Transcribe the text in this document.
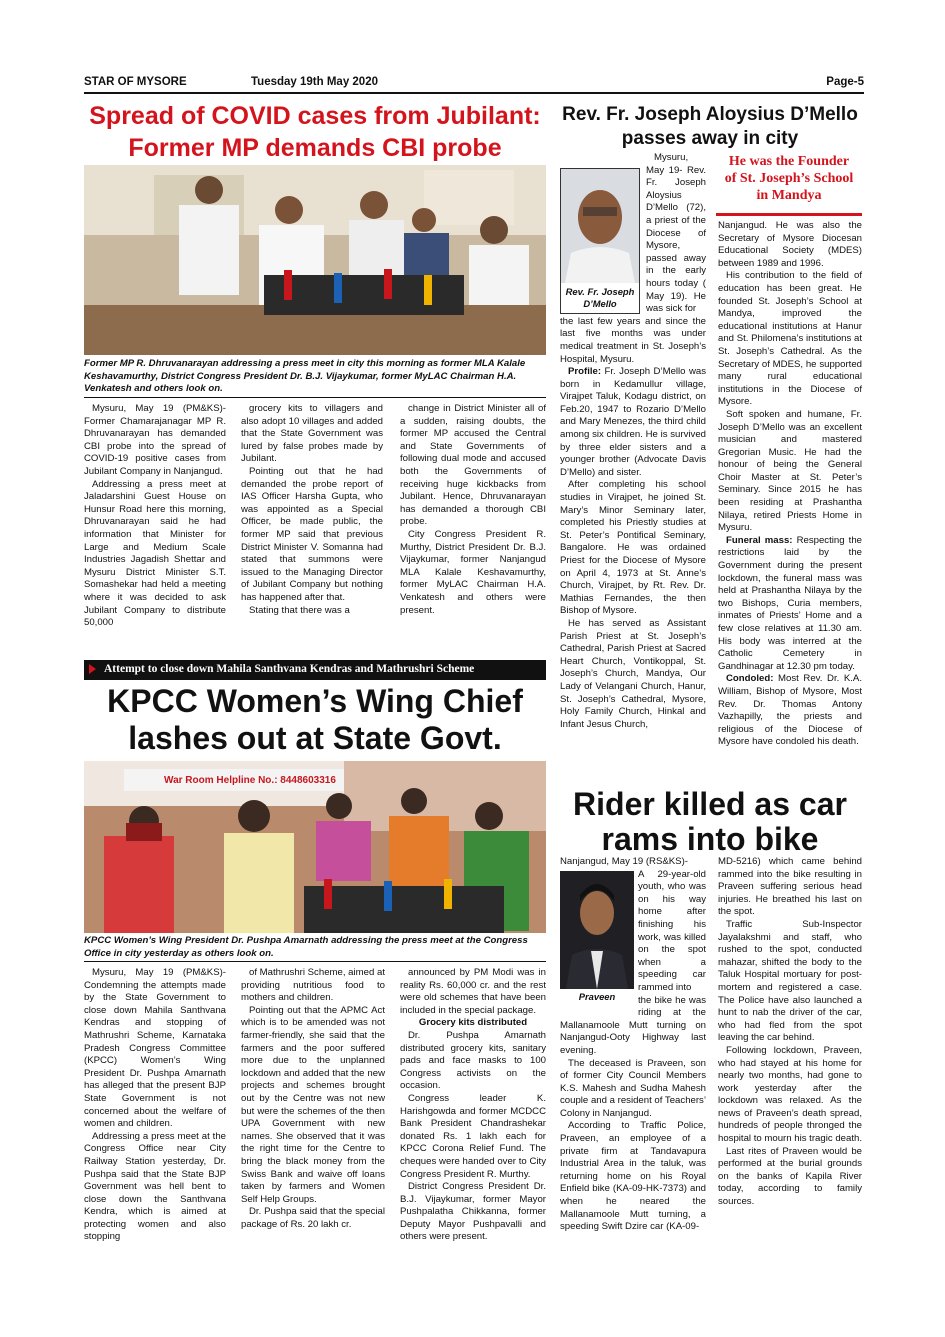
STAR OF MYSORE	Tuesday 19th May 2020	Page-5
Spread of COVID cases from Jubilant:
Former MP demands CBI probe
Former MP R. Dhruvanarayan addressing a press meet in city this morning as former MLA Kalale Keshavamurthy, District Congress President Dr. B.J. Vijaykumar, former MyLAC Chairman H.A. Venkatesh and others look on.

Mysuru, May 19 (PM&KS)- Former Chamarajanagar MP R. Dhruvanarayan has demanded CBI probe into the spread of COVID-19 positive cases from Jubilant Company in Nanjangud.

Addressing a press meet at Jaladarshini Guest House on Hunsur Road here this morning, Dhruvanarayan said he had information that Minister for Large and Medium Scale Industries Jagadish Shettar and Mysuru District Minister S.T. Somashekar had held a meeting where it was decided to ask Jubilant Company to distribute 50,000

grocery kits to villagers and also adopt 10 villages and added that the State Government was lured by false probes made by Jubilant.

Pointing out that he had demanded the probe report of IAS Officer Harsha Gupta, who was appointed as a Special Officer, be made public, the former MP said that previous District Minister V. Somanna had stated that summons were issued to the Managing Director of Jubilant Company but nothing has happened after that.

Stating that there was a

change in District Minister all of a sudden, raising doubts, the former MP accused the Central and State Governments of following dual mode and accused both the Governments of receiving huge kickbacks from Jubilant. Hence, Dhruvanarayan has demanded a thorough CBI probe.

City Congress President R. Murthy, District President Dr. B.J. Vijaykumar, former Nanjangud MLA Kalale Keshavamurthy, former MyLAC Chairman H.A. Venkatesh and others were present.

Attempt to close down Mahila Santhvana Kendras and Mathrushri Scheme
KPCC Women’s Wing Chief
lashes out at State Govt.
War Room Helpline No.: 8448603316
KPCC Women’s Wing President Dr. Pushpa Amarnath addressing the press meet at the Congress Office in city yesterday as others look on.

Mysuru, May 19 (PM&KS)- Condemning the attempts made by the State Government to close down Mahila Santhvana Kendras and stopping of Mathrushri Scheme, Karnataka Pradesh Congress Committee (KPCC) Women’s Wing President Dr. Pushpa Amarnath has alleged that the present BJP State Government is not concerned about the welfare of women and children.

Addressing a press meet at the Congress Office near City Railway Station yesterday, Dr. Pushpa said that the State BJP Government was hell bent to close down the Santhvana Kendra, which is aimed at protecting women and also stopping

of Mathrushri Scheme, aimed at providing nutritious food to mothers and children.

Pointing out that the APMC Act which is to be amended was not farmer-friendly, she said that the farmers and the poor suffered more due to the unplanned lockdown and added that the new projects and schemes brought out by the Centre was not new but were the schemes of the then UPA Government with new names. She observed that it was the right time for the Centre to bring the black money from the Swiss Bank and waive off loans taken by farmers and Women Self Help Groups.

Dr. Pushpa said that the special package of Rs. 20 lakh cr.

announced by PM Modi was in reality Rs. 60,000 cr. and the rest were old schemes that have been included in the special package.

Grocery kits distributed

Dr. Pushpa Amarnath distributed grocery kits, sanitary pads and face masks to 100 Congress activists on the occasion.

Congress leader K. Harishgowda and former MCDCC Bank President Chandrashekar donated Rs. 1 lakh each for KPCC Corona Relief Fund. The cheques were handed over to City Congress President R. Murthy.

District Congress President Dr. B.J. Vijaykumar, former Mayor Pushpalatha Chikkanna, former Deputy Mayor Pushpavalli and others were present.

Rev. Fr. Joseph Aloysius D’Mello
passes away in city
Rev. Fr. Joseph D’Mello

Mysuru, May 19- Rev. Fr. Joseph Aloysius D’Mello (72), a priest of the Diocese of Mysore, passed away in the early hours today ( May 19). He was sick for

the last few years and since the last five months was under medical treatment in St. Joseph’s Hospital, Mysuru.

Profile: Fr. Joseph D’Mello was born in Kedamullur village, Virajpet Taluk, Kodagu district, on Feb.20, 1947 to Rozario D’Mello and Mary Menezes, the third child among six children. He is survived by three elder sisters and a younger brother (Advocate Davis D’Mello) and sister.

After completing his school studies in Virajpet, he joined St. Mary’s Minor Seminary later, completed his Priestly studies at St. Peter’s Pontifical Seminary, Bangalore. He was ordained Priest for the Diocese of Mysore on April 4, 1973 at St. Anne’s Church, Virajpet, by Rt. Rev. Dr. Mathias Fernandes, the then Bishop of Mysore.

He has served as Assistant Parish Priest at St. Joseph’s Cathedral, Parish Priest at Sacred Heart Church, Vontikoppal, St. Joseph’s Church, Mandya, Our Lady of Velangani Church, Hanur, St. Joseph’s Cathedral, Mysore, Holy Family Church, Hinkal and Infant Jesus Church,

He was the Founder
of St. Joseph’s School
in Mandya

Nanjangud. He was also the Secretary of Mysore Diocesan Educational Society (MDES) between 1989 and 1996.

His contribution to the field of education has been great. He founded St. Joseph’s School at Mandya, improved the educational institutions at Hanur and St. Philomena’s institutions at St. Joseph’s Cathedral. As the Secretary of MDES, he supported many rural educational institutions in the Diocese of Mysore.

Soft spoken and humane, Fr. Joseph D’Mello was an excellent musician and mastered Gregorian Music. He had the honour of being the General Choir Master at St. Peter’s Seminary. Since 2015 he has been residing at Prashantha Nilaya, retired Priests Home in Mysuru.

Funeral mass: Respecting the restrictions laid by the Government during the present lockdown, the funeral mass was held at Prashantha Nilaya by the two Bishops, Curia members, inmates of Priests’ Home and a few close relatives at 11.30 am. His body was interred at the Catholic Cemetery in Gandhinagar at 12.30 pm today.

Condoled: Most Rev. Dr. K.A. William, Bishop of Mysore, Most Rev. Dr. Thomas Antony Vazhapilly, the priests and religious of the Diocese of Mysore have condoled his death.

Rider killed as car
rams into bike
Praveen

Nanjangud, May 19 (RS&KS)-

A 29-year-old youth, who was on his way home after finishing his work, was killed on the spot when a speeding car rammed into

the bike he was riding at the Mallanamoole Mutt turning on Nanjangud-Ooty Highway last evening.

The deceased is Praveen, son of former City Council Members K.S. Mahesh and Sudha Mahesh couple and a resident of Teachers’ Colony in Nanjangud.

According to Traffic Police, Praveen, an employee of a private firm at Tandavapura Industrial Area in the taluk, was returning home on his Royal Enfield bike (KA-09-HK-7373) and when he neared the Mallanamoole Mutt turning, a speeding Swift Dzire car (KA-09-

MD-5216) which came behind rammed into the bike resulting in Praveen suffering serious head injuries. He breathed his last on the spot.

Traffic Sub-Inspector Jayalakshmi and staff, who rushed to the spot, conducted mahazar, shifted the body to the Taluk Hospital mortuary for post-mortem and registered a case. The Police have also launched a hunt to nab the driver of the car, who had fled from the spot leaving the car behind.

Following lockdown, Praveen, who had stayed at his home for nearly two months, had gone to work yesterday after the lockdown was relaxed. As the news of Praveen’s death spread, hundreds of people thronged the hospital to mourn his tragic death.

Last rites of Praveen would be performed at the burial grounds on the banks of Kapila River today, according to family sources.
